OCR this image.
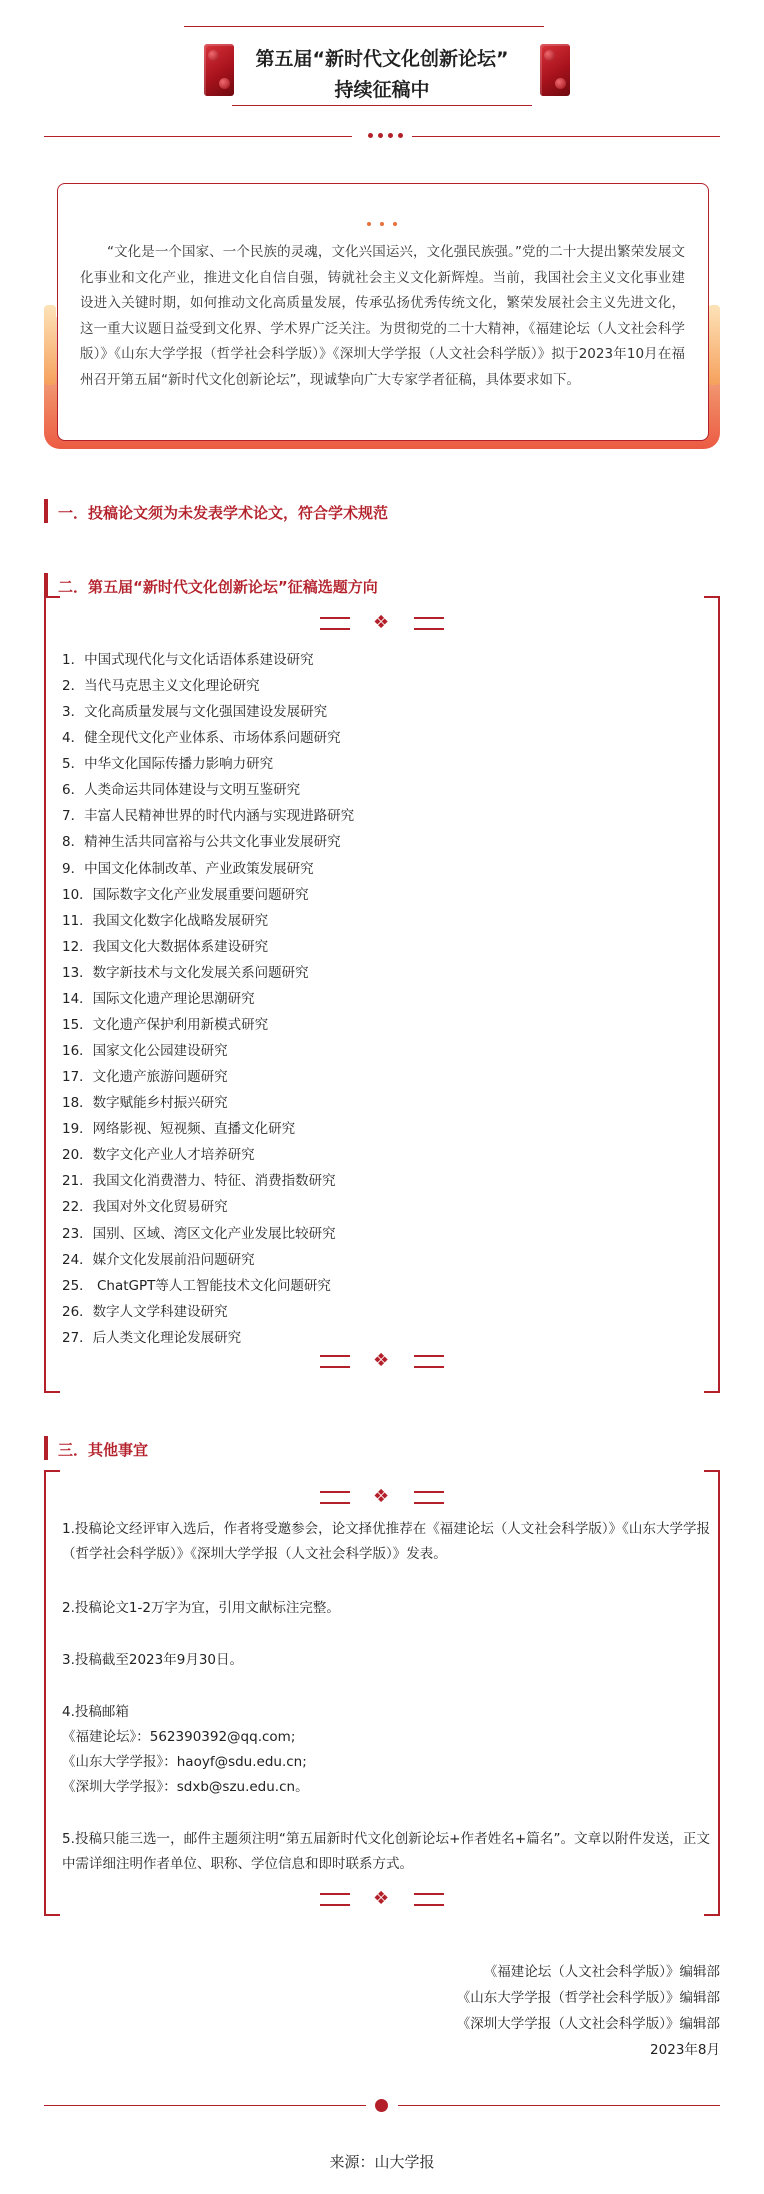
第五届“新时代文化创新论坛”
持续征稿中
“文化是一个国家、一个民族的灵魂，文化兴国运兴，文化强民族强。”党的二十大提出繁荣发展文化事业和文化产业，推进文化自信自强，铸就社会主义文化新辉煌。当前，我国社会主义文化事业建设进入关键时期，如何推动文化高质量发展，传承弘扬优秀传统文化，繁荣发展社会主义先进文化，这一重大议题日益受到文化界、学术界广泛关注。为贯彻党的二十大精神，《福建论坛（人文社会科学版）》《山东大学学报（哲学社会科学版）》《深圳大学学报（人文社会科学版）》拟于2023年10月在福州召开第五届“新时代文化创新论坛”，现诚挚向广大专家学者征稿，具体要求如下。
一．投稿论文须为未发表学术论文，符合学术规范
二．第五届“新时代文化创新论坛”征稿选题方向
❖
❖
1．中国式现代化与文化话语体系建设研究
2．当代马克思主义文化理论研究
3．文化高质量发展与文化强国建设发展研究
4．健全现代文化产业体系、市场体系问题研究
5．中华文化国际传播力影响力研究
6．人类命运共同体建设与文明互鉴研究
7．丰富人民精神世界的时代内涵与实现进路研究
8．精神生活共同富裕与公共文化事业发展研究
9．中国文化体制改革、产业政策发展研究
10．国际数字文化产业发展重要问题研究
11．我国文化数字化战略发展研究
12．我国文化大数据体系建设研究
13．数字新技术与文化发展关系问题研究
14．国际文化遗产理论思潮研究
15．文化遗产保护利用新模式研究
16．国家文化公园建设研究
17．文化遗产旅游问题研究
18．数字赋能乡村振兴研究
19．网络影视、短视频、直播文化研究
20．数字文化产业人才培养研究
21．我国文化消费潜力、特征、消费指数研究
22．我国对外文化贸易研究
23．国别、区域、湾区文化产业发展比较研究
24．媒介文化发展前沿问题研究
25． ChatGPT等人工智能技术文化问题研究
26．数字人文学科建设研究
27．后人类文化理论发展研究
三．其他事宜
❖
❖
1.投稿论文经评审入选后，作者将受邀参会，论文择优推荐在《福建论坛（人文社会科学版）》《山东大学学报（哲学社会科学版）》《深圳大学学报（人文社会科学版）》发表。
2.投稿论文1-2万字为宜，引用文献标注完整。
3.投稿截至2023年9月30日。
4.投稿邮箱
《福建论坛》：562390392@qq.com;
《山东大学学报》：haoyf@sdu.edu.cn;
《深圳大学学报》：sdxb@szu.edu.cn。
5.投稿只能三选一，邮件主题须注明“第五届新时代文化创新论坛+作者姓名+篇名”。文章以附件发送，正文中需详细注明作者单位、职称、学位信息和即时联系方式。
《福建论坛（人文社会科学版）》编辑部
《山东大学学报（哲学社会科学版）》编辑部
《深圳大学学报（人文社会科学版）》编辑部
2023年8月
来源：山大学报
